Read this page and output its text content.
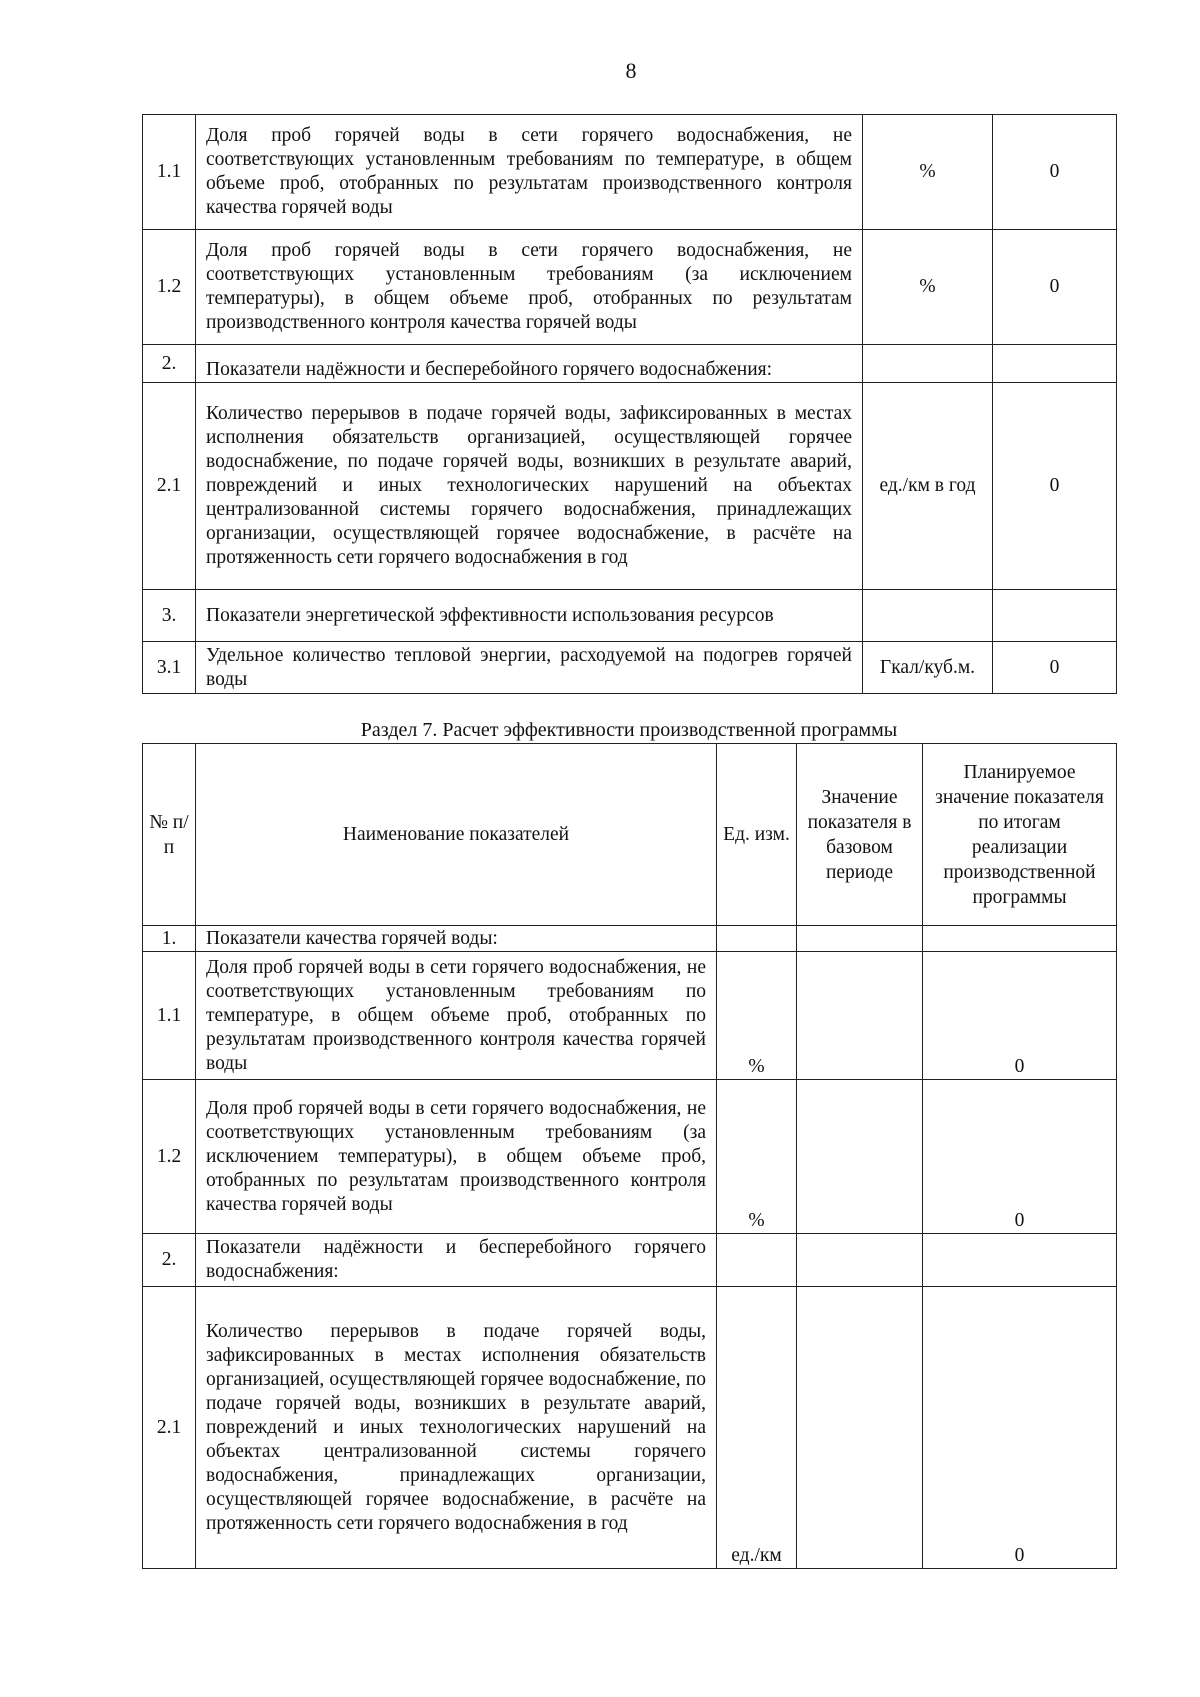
8
1.1	Доля проб горячей воды в сети горячего водоснабжения, не соответствующих установленным требованиям по температуре, в общем объеме проб, отобранных по результатам производственного контроля качества горячей воды	%	0
1.2	Доля проб горячей воды в сети горячего водоснабжения, не соответствующих установленным требованиям (за исключением температуры), в общем объеме проб, отобранных по результатам производственного контроля качества горячей воды	%	0
2.	Показатели надёжности и бесперебойного горячего водоснабжения:		
2.1	Количество перерывов в подаче горячей воды, зафиксированных в местах исполнения обязательств организацией, осуществляющей горячее водоснабжение, по подаче горячей воды, возникших в результате аварий, повреждений и иных технологических нарушений на объектах централизованной системы горячего водоснабжения, принадлежащих организации, осуществляющей горячее водоснабжение, в расчёте на протяженность сети горячего водоснабжения в год	ед./км в год	0
3.	Показатели энергетической эффективности использования ресурсов		
3.1	Удельное количество тепловой энергии, расходуемой на подогрев горячей воды	Гкал/куб.м.	0
Раздел 7. Расчет эффективности производственной программы
№ п/п	Наименование показателей	Ед. изм.	Значение показателя в базовом периоде	Планируемое значение показателя по итогам реализации производственной программы
1.	Показатели качества горячей воды:			
1.1	Доля проб горячей воды в сети горячего водоснабжения, не соответствующих установленным требованиям по температуре, в общем объеме проб, отобранных по результатам производственного контроля качества горячей воды	%		0
1.2	Доля проб горячей воды в сети горячего водоснабжения, не соответствующих установленным требованиям (за исключением температуры), в общем объеме проб, отобранных по результатам производственного контроля качества горячей воды	%		0
2.	Показатели надёжности и бесперебойного горячего водоснабжения:			
2.1	Количество перерывов в подаче горячей воды, зафиксированных в местах исполнения обязательств организацией, осуществляющей горячее водоснабжение, по подаче горячей воды, возникших в результате аварий, повреждений и иных технологических нарушений на объектах централизованной системы горячего водоснабжения, принадлежащих организации, осуществляющей горячее водоснабжение, в расчёте на протяженность сети горячего водоснабжения в год	ед./км		0
